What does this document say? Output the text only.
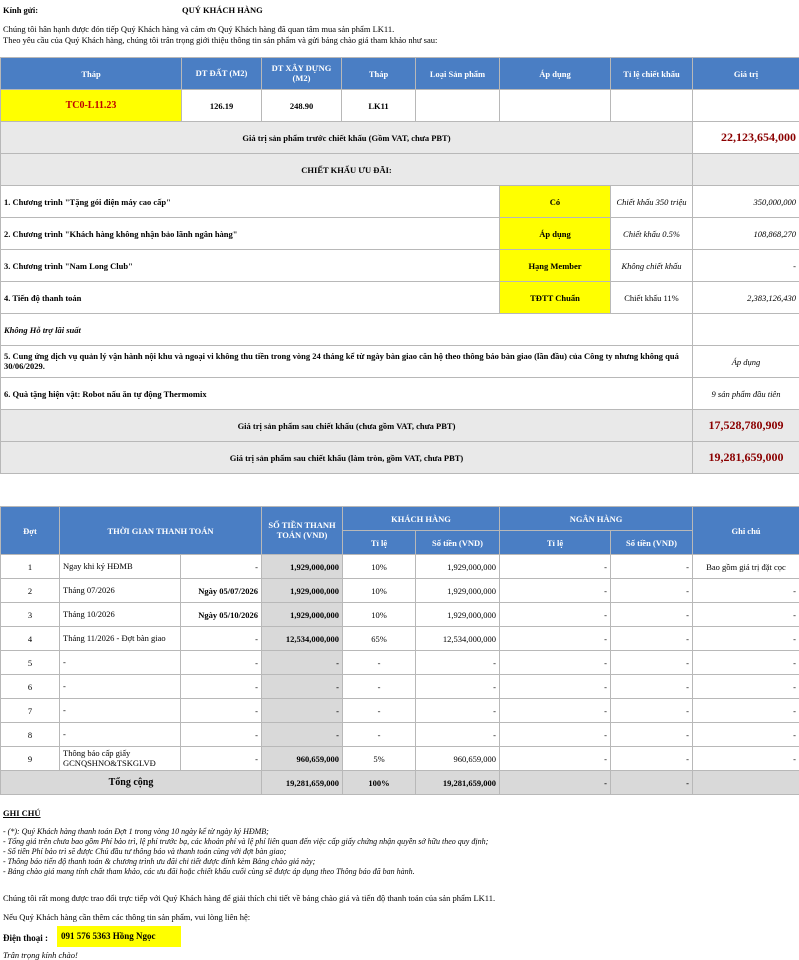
Kính gửi:	QUÝ KHÁCH HÀNG
Chúng tôi hân hạnh được đón tiếp Quý Khách hàng và cảm ơn Quý Khách hàng đã quan tâm mua sản phẩm LK11.
Theo yêu cầu của Quý Khách hàng, chúng tôi trân trọng giới thiệu thông tin sản phẩm và gửi bảng chào giá tham khảo như sau:
Tháp	DT ĐẤT (M2)	DT XÂY DỰNG (M2)	Tháp	Loại Sản phẩm	Áp dụng	Tỉ lệ chiết khấu	Giá trị
TC0-L11.23	126.19	248.90	LK11				
Giá trị sản phẩm trước chiết khấu (Gồm VAT, chưa PBT)							22,123,654,000
CHIẾT KHẤU ƯU ĐÃI:							
1. Chương trình "Tặng gói điện máy cao cấp"					Có	Chiết khấu 350 triệu	350,000,000
2. Chương trình "Khách hàng không nhận bảo lãnh ngân hàng"					Áp dụng	Chiết khấu 0.5%	108,868,270
3. Chương trình "Nam Long Club"					Hạng Member	Không chiết khấu	-
4. Tiến độ thanh toán					TĐTT Chuẩn	Chiết khấu 11%	2,383,126,430
Không Hỗ trợ lãi suất							
5. Cung ứng dịch vụ quản lý vận hành nội khu và ngoại vi không thu tiền trong vòng 24 tháng kể từ ngày bàn giao căn hộ theo thông báo bàn giao (lần đầu) của Công ty nhưng không quá 30/06/2029.							Áp dụng
6. Quà tặng hiện vật: Robot nấu ăn tự động Thermomix							9 sản phẩm đầu tiên
Giá trị sản phẩm sau chiết khấu (chưa gồm VAT, chưa PBT)							17,528,780,909
Giá trị sản phẩm sau chiết khấu (làm tròn, gồm VAT, chưa PBT)							19,281,659,000
Đợt	THỜI GIAN THANH TOÁN		SỐ TIỀN THANH TOÁN (VND)	KHÁCH HÀNG		NGÂN HÀNG		Ghi chú
				Tỉ lệ	Số tiền (VND)	Tỉ lệ	Số tiền (VND)	
1	Ngay khi ký HĐMB	-	1,929,000,000	10%	1,929,000,000	-	-	Bao gồm giá trị đặt cọc
2	Tháng 07/2026	Ngày 05/07/2026	1,929,000,000	10%	1,929,000,000	-	-	-
3	Tháng 10/2026	Ngày 05/10/2026	1,929,000,000	10%	1,929,000,000	-	-	-
4	Tháng 11/2026 - Đợt bàn giao	-	12,534,000,000	65%	12,534,000,000	-	-	-
5	-	-	-	-	-	-	-	-
6	-	-	-	-	-	-	-	-
7	-	-	-	-	-	-	-	-
8	-	-	-	-	-	-	-	-
9	Thông báo cấp giấy GCNQSHNO&TSKGLVĐ	-	960,659,000	5%	960,659,000	-	-	-
Tổng cộng			19,281,659,000	100%	19,281,659,000	-	-	
GHI CHÚ
- (*): Quý Khách hàng thanh toán Đợt 1 trong vòng 10 ngày kể từ ngày ký HĐMB;
- Tổng giá trên chưa bao gồm Phí bảo trì, lệ phí trước bạ, các khoản phí và lệ phí liên quan đến việc cấp giấy chứng nhận quyền sở hữu theo quy định;
- Số tiền Phí bảo trì sẽ được Chủ đầu tư thông báo và thanh toán cùng với đợt bàn giao;
- Thông báo tiến độ thanh toán & chương trình ưu đãi chi tiết được đính kèm Bảng chào giá này;
- Bảng chào giá mang tính chất tham khảo, các ưu đãi hoặc chiết khấu cuối cùng sẽ được áp dụng theo Thông báo đã ban hành.
Chúng tôi rất mong được trao đổi trực tiếp với Quý Khách hàng để giải thích chi tiết về bảng chào giá và tiến độ thanh toán của sản phẩm LK11.
Nếu Quý Khách hàng cần thêm các thông tin sản phẩm, vui lòng liên hệ:
Điện thoại :	091 576 5363 Hồng Ngọc
Trân trọng kính chào!
